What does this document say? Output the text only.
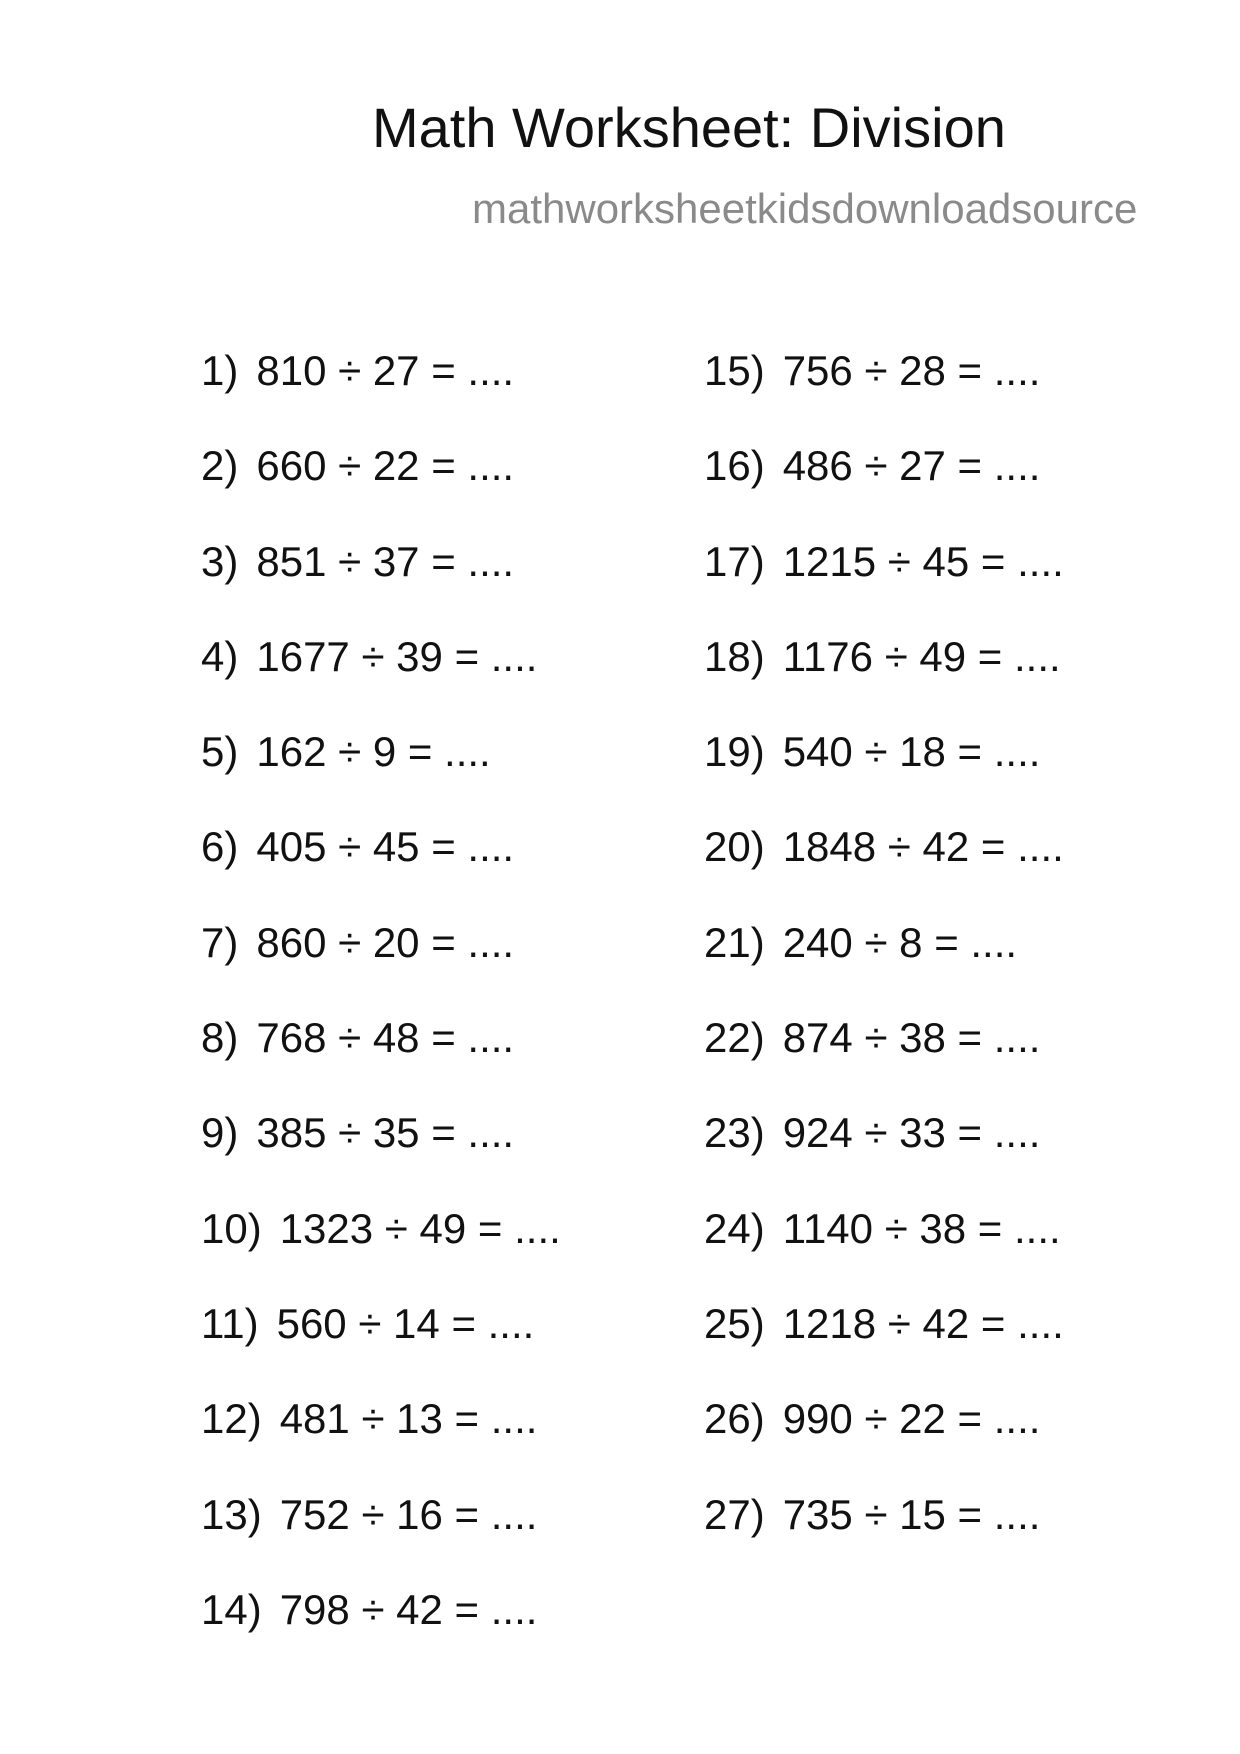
Math Worksheet: Division
mathworksheetkidsdownloadsource
1) 810 ÷ 27 = ....
2) 660 ÷ 22 = ....
3) 851 ÷ 37 = ....
4) 1677 ÷ 39 = ....
5) 162 ÷ 9 = ....
6) 405 ÷ 45 = ....
7) 860 ÷ 20 = ....
8) 768 ÷ 48 = ....
9) 385 ÷ 35 = ....
10) 1323 ÷ 49 = ....
11) 560 ÷ 14 = ....
12) 481 ÷ 13 = ....
13) 752 ÷ 16 = ....
14) 798 ÷ 42 = ....
15) 756 ÷ 28 = ....
16) 486 ÷ 27 = ....
17) 1215 ÷ 45 = ....
18) 1176 ÷ 49 = ....
19) 540 ÷ 18 = ....
20) 1848 ÷ 42 = ....
21) 240 ÷ 8 = ....
22) 874 ÷ 38 = ....
23) 924 ÷ 33 = ....
24) 1140 ÷ 38 = ....
25) 1218 ÷ 42 = ....
26) 990 ÷ 22 = ....
27) 735 ÷ 15 = ....
